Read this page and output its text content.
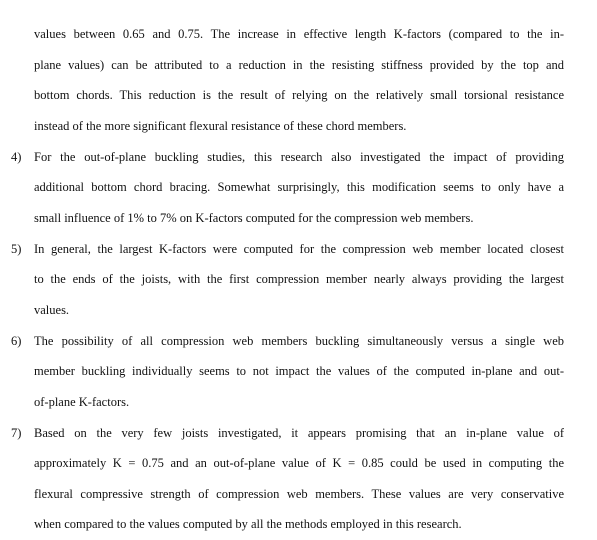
values between 0.65 and 0.75. The increase in effective length K-factors (compared to the in-
plane values) can be attributed to a reduction in the resisting stiffness provided by the top and
bottom chords. This reduction is the result of relying on the relatively small torsional resistance
instead of the more significant flexural resistance of these chord members.
4)	For the out-of-plane buckling studies, this research also investigated the impact of providing
additional bottom chord bracing. Somewhat surprisingly, this modification seems to only have a
small influence of 1% to 7% on K-factors computed for the compression web members.
5)	In general, the largest K-factors were computed for the compression web member located closest
to the ends of the joists, with the first compression member nearly always providing the largest
values.
6)	The possibility of all compression web members buckling simultaneously versus a single web
member buckling individually seems to not impact the values of the computed in-plane and out-
of-plane K-factors.
7)	Based on the very few joists investigated, it appears promising that an in-plane value of
approximately K = 0.75 and an out-of-plane value of K = 0.85 could be used in computing the
flexural compressive strength of compression web members. These values are very conservative
when compared to the values computed by all the methods employed in this research.
